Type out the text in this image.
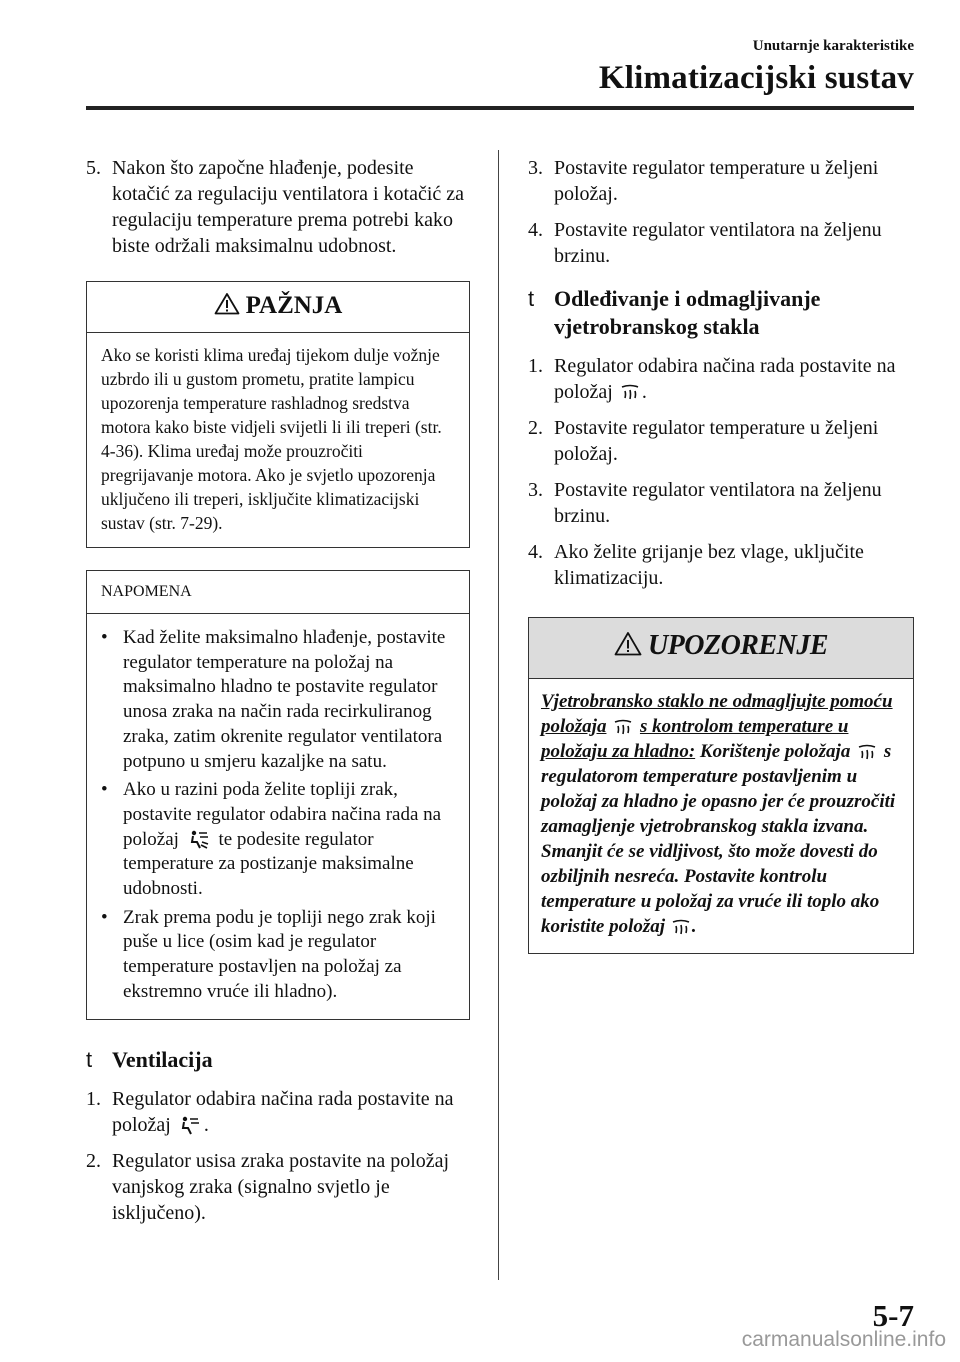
Unutarnje karakteristike
Klimatizacijski sustav
5. Nakon što započne hlađenje, podesite kotačić za regulaciju ventilatora i kotačić za regulaciju temperature prema potrebi kako biste održali maksimalnu udobnost.
PAŽNJA
Ako se koristi klima uređaj tijekom dulje vožnje uzbrdo ili u gustom prometu, pratite lampicu upozorenja temperature rashladnog sredstva motora kako biste vidjeli svijetli li ili treperi (str. 4-36). Klima uređaj može prouzročiti pregrijavanje motora. Ako je svjetlo upozorenja uključeno ili treperi, isključite klimatizacijski sustav (str. 7-29).
NAPOMENA
• Kad želite maksimalno hlađenje, postavite regulator temperature na položaj na maksimalno hladno te postavite regulator unosa zraka na način rada recirkuliranog zraka, zatim okrenite regulator ventilatora potpuno u smjeru kazaljke na satu.
• Ako u razini poda želite topliji zrak, postavite regulator odabira načina rada na položaj te podesite regulator temperature za postizanje maksimalne udobnosti.
• Zrak prema podu je topliji nego zrak koji puše u lice (osim kad je regulator temperature postavljen na položaj za ekstremno vruće ili hladno).
t Ventilacija
1. Regulator odabira načina rada postavite na položaj .
2. Regulator usisa zraka postavite na položaj vanjskog zraka (signalno svjetlo je isključeno).
3. Postavite regulator temperature u željeni položaj.
4. Postavite regulator ventilatora na željenu brzinu.
t Odleđivanje i odmagljivanje vjetrobranskog stakla
1. Regulator odabira načina rada postavite na položaj .
2. Postavite regulator temperature u željeni položaj.
3. Postavite regulator ventilatora na željenu brzinu.
4. Ako želite grijanje bez vlage, uključite klimatizaciju.
UPOZORENJE
Vjetrobransko staklo ne odmagljujte pomoću položaja s kontrolom temperature u položaju za hladno: Korištenje položaja s regulatorom temperature postavljenim u položaj za hladno je opasno jer će prouzročiti zamagljenje vjetrobranskog stakla izvana. Smanjit će se vidljivost, što može dovesti do ozbiljnih nesreća. Postavite kontrolu temperature u položaj za vruće ili toplo ako koristite položaj .
5-7
carmanualsonline.info
